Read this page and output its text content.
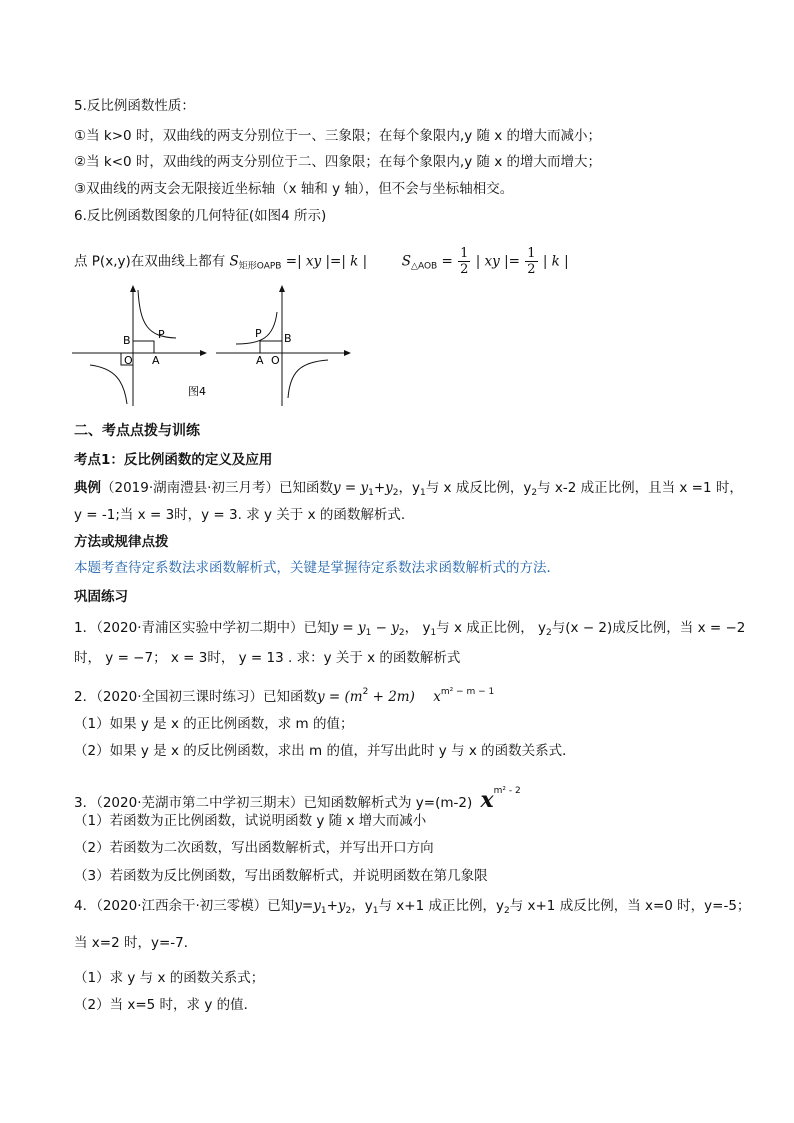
5.反比例函数性质：
①当 k>0 时，双曲线的两支分别位于一、三象限；在每个象限内,y 随 x 的增大而减小；
②当 k<0 时，双曲线的两支分别位于二、四象限；在每个象限内,y 随 x 的增大而增大；
③双曲线的两支会无限接近坐标轴（x 轴和 y 轴），但不会与坐标轴相交。
6.反比例函数图象的几何特征(如图4 所示)
点 P(x,y)在双曲线上都有 $S_{矩形OAPB}$ =| xy |=| k |	$S_{\triangle AOB} = \frac{1}{2}$ | xy |= $\frac{1}{2}$ | k |
B P
O A
图4
P B
A O
二、考点点拨与训练
考点1：反比例函数的定义及应用
典例（2019·湖南澧县·初三月考）已知函数$y = y_1+y_2$，$y_1$与 x 成反比例，$y_2$与 x-2 成正比例，且当 x =1 时，
y = -1;当 x = 3时，y = 3. 求 y 关于 x 的函数解析式.
方法或规律点拨
本题考查待定系数法求函数解析式，关键是掌握待定系数法求函数解析式的方法．
巩固练习
1．（2020·青浦区实验中学初二期中）已知$y = y_1 - y_2$， $y_1$与 x 成正比例， $y_2$与(x − 2)成反比例，当 x = −2
时， y = −7； x = 3时， y = 13 . 求：y 关于 x 的函数解析式
2．（2020·全国初三课时练习）已知函数$y = (m^2 + 2m)$ $x^{m^2 - m - 1}$
（1）如果 y 是 x 的正比例函数，求 m 的值；
（2）如果 y 是 x 的反比例函数，求出 m 的值，并写出此时 y 与 x 的函数关系式．
3．（2020·芜湖市第二中学初三期末）已知函数解析式为 y=(m-2) $x^{m^2 - 2}$
（1）若函数为正比例函数，试说明函数 y 随 x 增大而减小
（2）若函数为二次函数，写出函数解析式，并写出开口方向
（3）若函数为反比例函数，写出函数解析式，并说明函数在第几象限
4．（2020·江西余干·初三零模）已知$y=y_1+y_2$，$y_1$与 x+1 成正比例，$y_2$与 x+1 成反比例，当 x=0 时，y=-5；
当 x=2 时，y=-7．
（1）求 y 与 x 的函数关系式；
（2）当 x=5 时，求 y 的值．
